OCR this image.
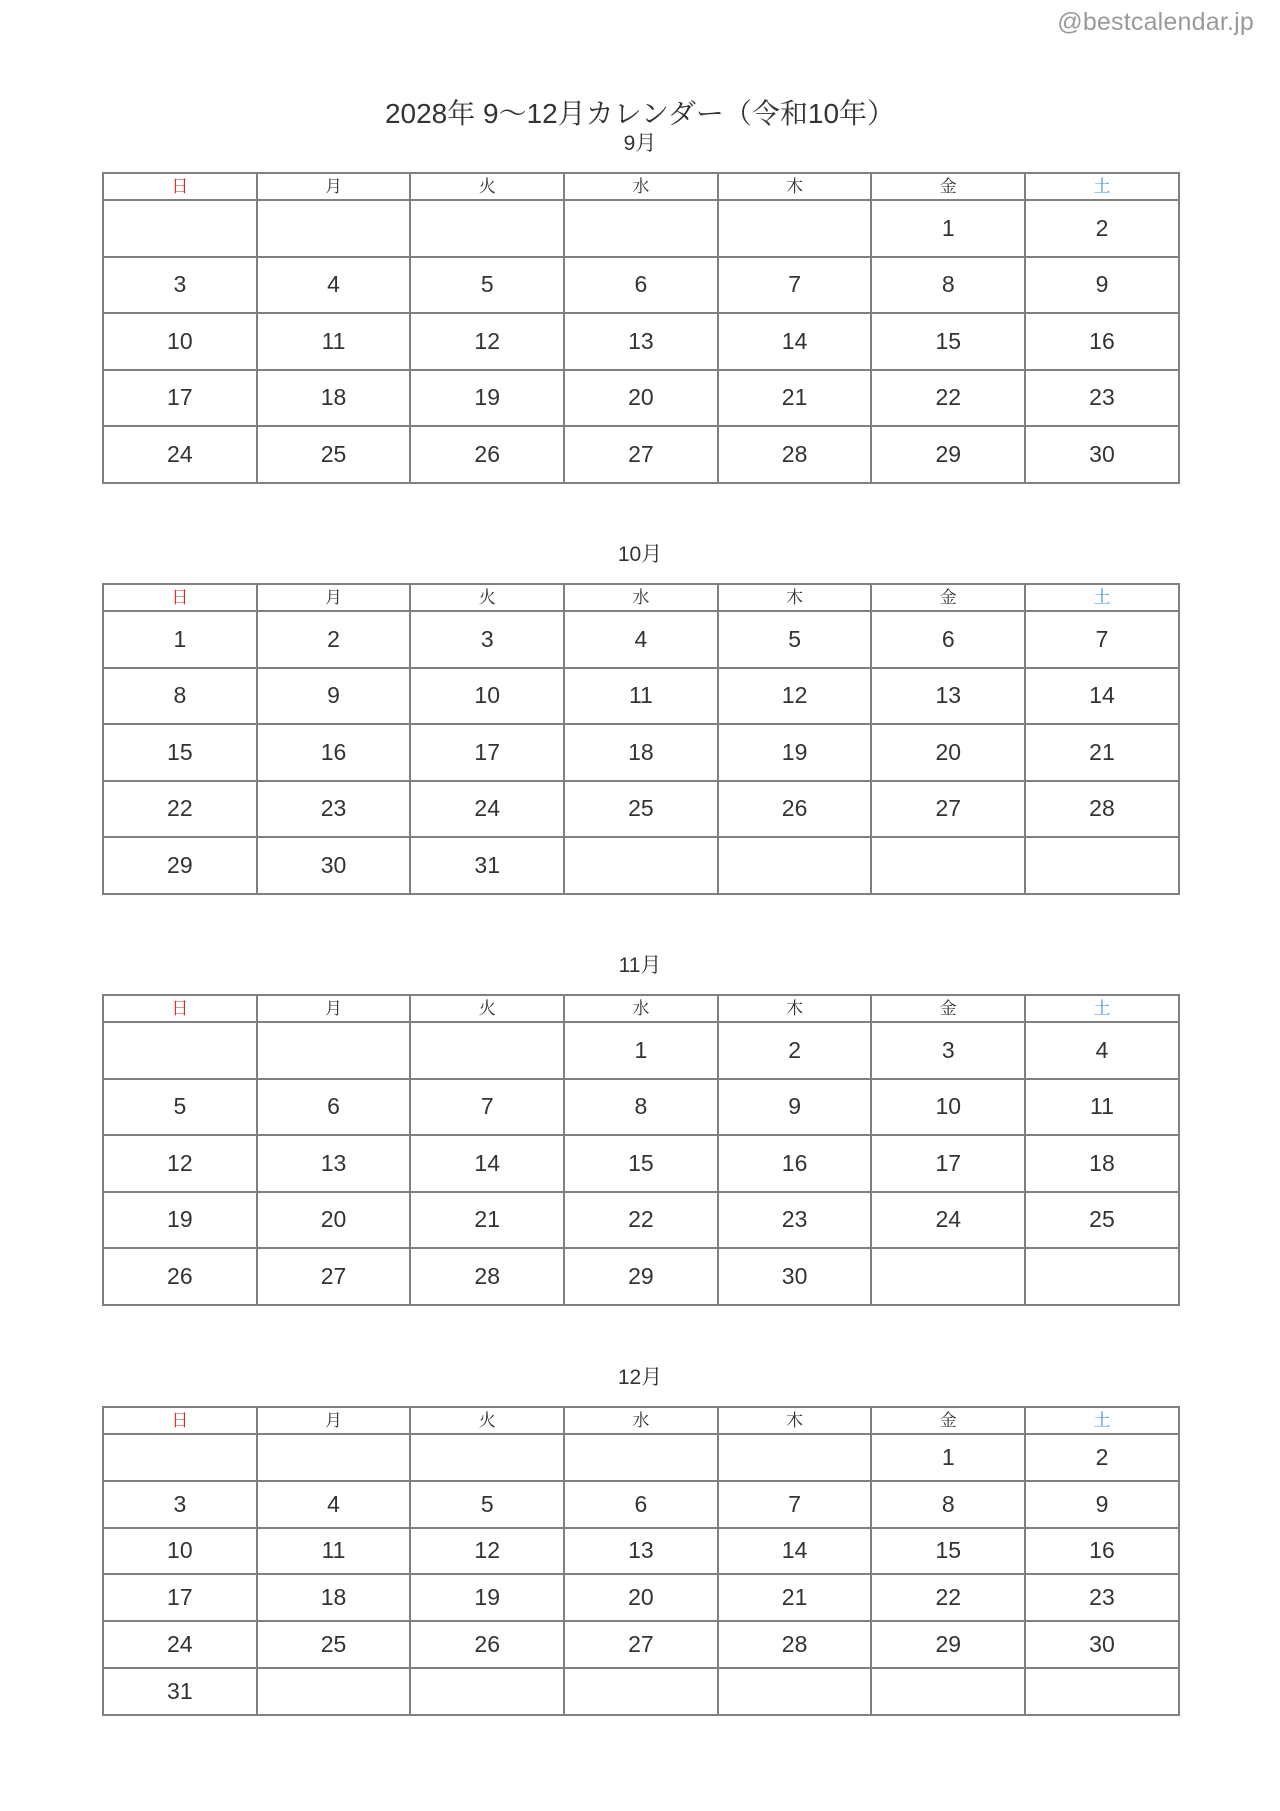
@bestcalendar.jp
2028年 9〜12月カレンダー（令和10年）
9月
日	月	火	水	木	金	土
					1	2
3	4	5	6	7	8	9
10	11	12	13	14	15	16
17	18	19	20	21	22	23
24	25	26	27	28	29	30
10月
日	月	火	水	木	金	土
1	2	3	4	5	6	7
8	9	10	11	12	13	14
15	16	17	18	19	20	21
22	23	24	25	26	27	28
29	30	31				
11月
日	月	火	水	木	金	土
			1	2	3	4
5	6	7	8	9	10	11
12	13	14	15	16	17	18
19	20	21	22	23	24	25
26	27	28	29	30		
12月
日	月	火	水	木	金	土
					1	2
3	4	5	6	7	8	9
10	11	12	13	14	15	16
17	18	19	20	21	22	23
24	25	26	27	28	29	30
31						
